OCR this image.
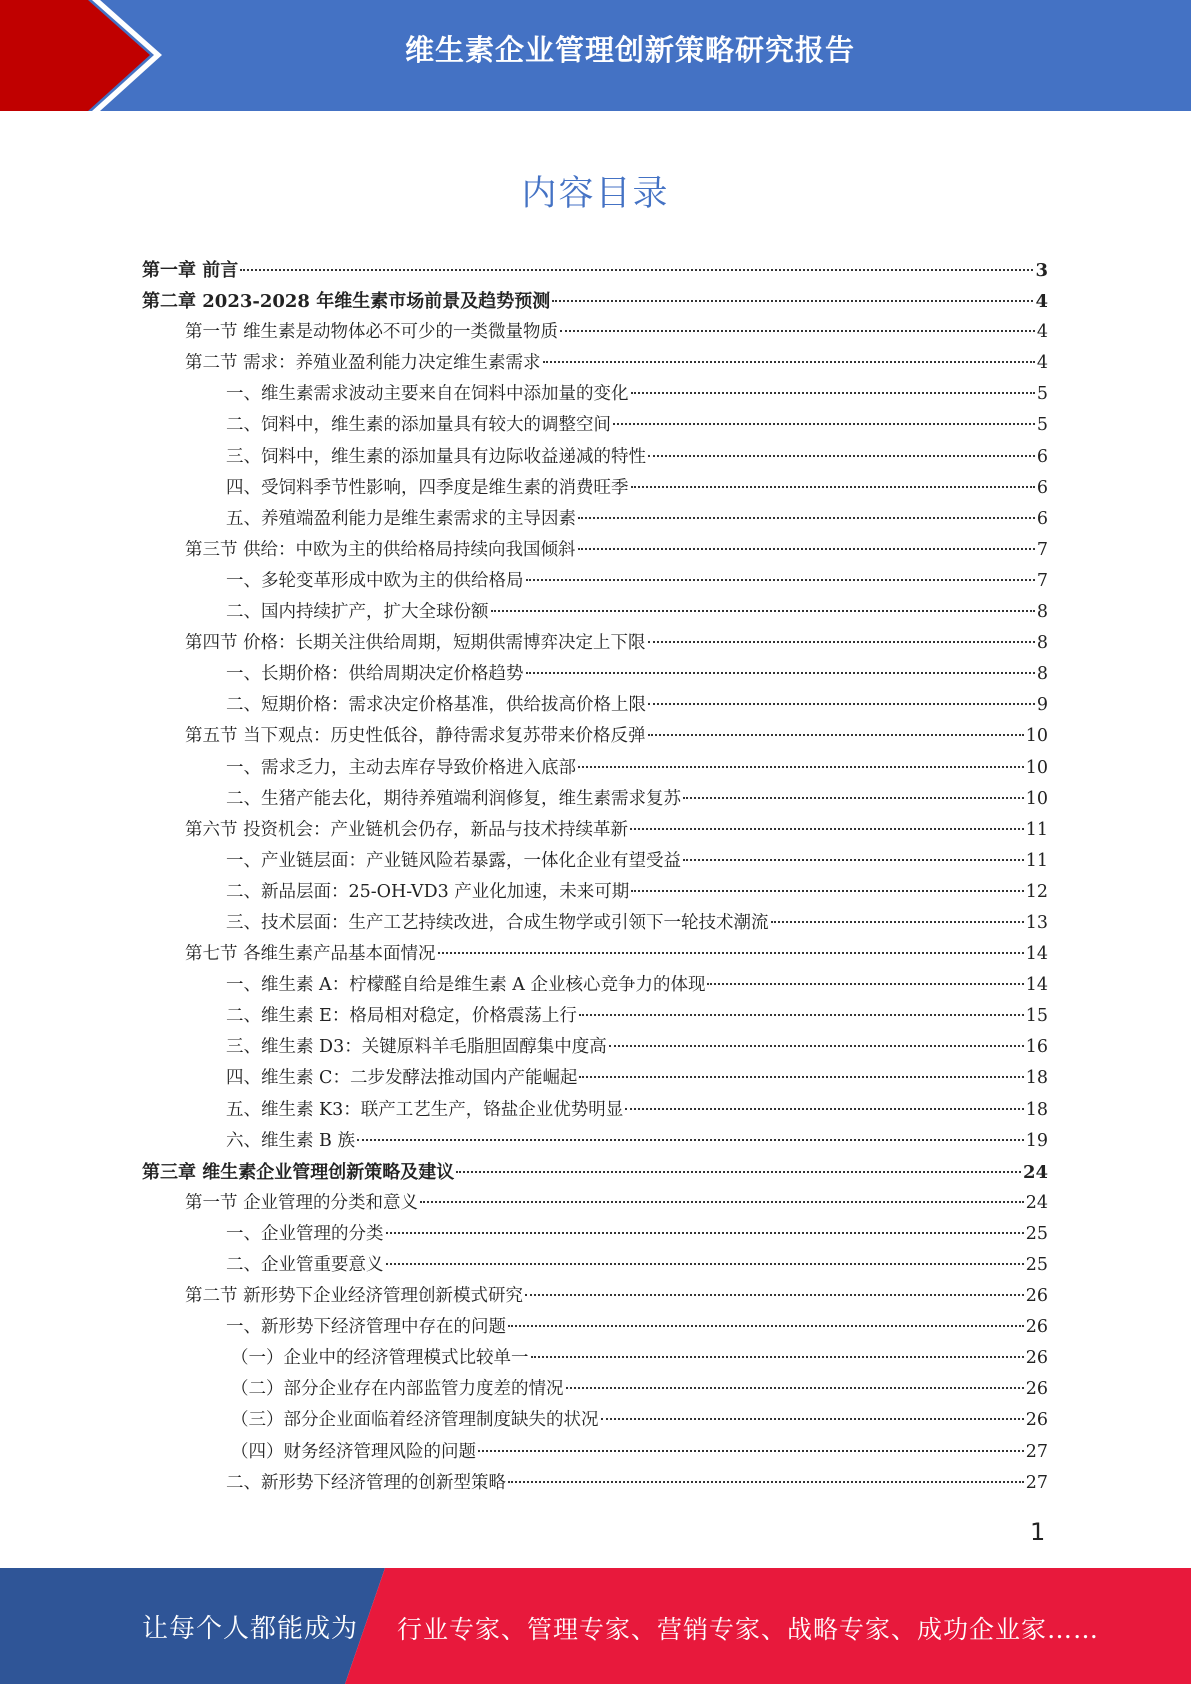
维生素企业管理创新策略研究报告
内容目录
第一章 前言	3
第二章 2023-2028 年维生素市场前景及趋势预测	4
第一节 维生素是动物体必不可少的一类微量物质	4
第二节 需求：养殖业盈利能力决定维生素需求	4
一、维生素需求波动主要来自在饲料中添加量的变化	5
二、饲料中，维生素的添加量具有较大的调整空间	5
三、饲料中，维生素的添加量具有边际收益递减的特性	6
四、受饲料季节性影响，四季度是维生素的消费旺季	6
五、养殖端盈利能力是维生素需求的主导因素	6
第三节 供给：中欧为主的供给格局持续向我国倾斜	7
一、多轮变革形成中欧为主的供给格局	7
二、国内持续扩产，扩大全球份额	8
第四节 价格：长期关注供给周期，短期供需博弈决定上下限	8
一、长期价格：供给周期决定价格趋势	8
二、短期价格：需求决定价格基准，供给拔高价格上限	9
第五节 当下观点：历史性低谷，静待需求复苏带来价格反弹	10
一、需求乏力，主动去库存导致价格进入底部	10
二、生猪产能去化，期待养殖端利润修复，维生素需求复苏	10
第六节 投资机会：产业链机会仍存，新品与技术持续革新	11
一、产业链层面：产业链风险若暴露，一体化企业有望受益	11
二、新品层面：25-OH-VD3 产业化加速，未来可期	12
三、技术层面：生产工艺持续改进，合成生物学或引领下一轮技术潮流	13
第七节 各维生素产品基本面情况	14
一、维生素 A：柠檬醛自给是维生素 A 企业核心竞争力的体现	14
二、维生素 E：格局相对稳定，价格震荡上行	15
三、维生素 D3：关键原料羊毛脂胆固醇集中度高	16
四、维生素 C：二步发酵法推动国内产能崛起	18
五、维生素 K3：联产工艺生产，铬盐企业优势明显	18
六、维生素 B 族	19
第三章 维生素企业管理创新策略及建议	24
第一节 企业管理的分类和意义	24
一、企业管理的分类	25
二、企业管重要意义	25
第二节 新形势下企业经济管理创新模式研究	26
一、新形势下经济管理中存在的问题	26
（一）企业中的经济管理模式比较单一	26
（二）部分企业存在内部监管力度差的情况	26
（三）部分企业面临着经济管理制度缺失的状况	26
（四）财务经济管理风险的问题	27
二、新形势下经济管理的创新型策略	27
1
让每个人都能成为 行业专家、管理专家、营销专家、战略专家、成功企业家……
